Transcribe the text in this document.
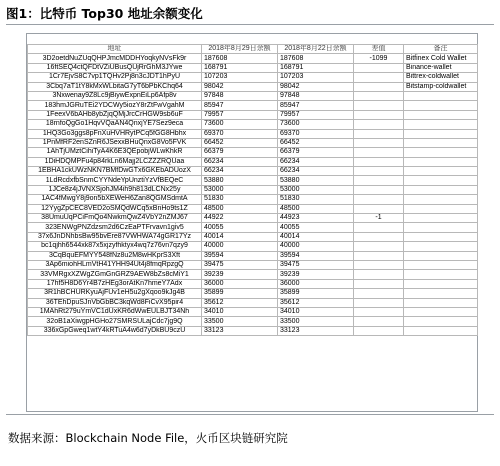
图1：比特币 Top30 地址余额变化
地址	2018年8月29日余额	2018年8月22日余额	差值	备注
3D2oetdNuZUqQHPJmcMDDHYoqkyNVsFk9r	187608	187608	-1099	Bitfinex Cold Wallet
16ftSEQ4ctQFDtVZiUBusQUjRrGhM3JYwe	168791	168791		Binance-wallet
1Cr7EjvS8C7vp1TQHv2Pj8n3cJDT1hPyU	107203	107203		Bittrex-coldwallet
3Cbq7aT1tY8kMxWLbitaG7yT6bPbKChq64	98042	98042		Bitstamp-coldwallet
3Nxwenay9Z8Lc9jBiywExpnEiLp6Afp8v	97848	97848		
183hmJGRuTEi2YDCWy5iozY8rZtFwVgahM	85947	85947		
1FeexV6bAHb8ybZjqQMjJrcCrHGW9sb6uF	79957	79957		
18rnfoQgGo1HqvVQaAN4QnxjYE7Sez9eca	73600	73600		
1HQ3Go3ggs8pFnXuHVHRytPCq5fGG8Hbhx	69370	69370		
1PnMfRF2enSZnR6JSexxBHuQnxG8Vo5FVK	66452	66452		
1AhTjUMztCihiTyA4K6E3QEpobjWLwKhkR	66379	66379		
1DiHDQMPFu4p84rkLn6Majj2LCZZZRQUaa	66234	66234		
1EBHA1ckUWzNKN7BMfDwGTx6GKEbADUozX	66234	66234		
1LdRcdxfbSnmCYYNdeYpUnztiYzVfBEQeC	53880	53880		
1JCe8z4jJVNXSjohJM4ih9h813dLCNx25y	53000	53000		
1AC4fMwgY8j9on5bXEWeH6Zan8QGMSdmtA	51830	51830		
12YygZpCEC8VED2oSMQdWCq5xBnHo9ts1Z	48500	48500		
38UmuUqPCiFmQo4NwkmQwZ4VbY2nZMJ67	44922	44923	-1	
323ENWgPNZdzsm2d6CzEaPTFrvavn1giv5	40055	40055		
37x6JnDNhbsBw95bvEre87VWHWA74gGR17Yz	40014	40014		
bc1qjhh6544xk87x5xjzyfhktyx4wq7z76vn7qzy9	40000	40000		
3CqBquEFMYY548fNz8u2M8wHKprS3Xft	39594	39594		
3Ap6miohHLmVtH41YHH94Ut4j8fmqRpzgQ	39475	39475		
33VMRgxXZWgZGmGnGRZ9AEW8bZs8cMiY1	39239	39239		
17hf5H8D6Yr4B7zHEg3orAtKn7hmeY7Adx	36000	36000		
3R1hBCHURKyuAjFUv1eH5u2gXqoo9kJg4B	35899	35899		
36TEhDpuSJnVbGbBC3kqWd8FiCvX95pir4	35612	35612		
1MAhRt279uYmVC1dUxKR6dWwEULBJT34Nh	34010	34010		
32oB1aXiwgpHGHo27SMRSULajCdc7jg9Q	33500	33500		
336xGpGweq1wtY4kRTuA4w6d7yDkBU9czU	33123	33123		
数据来源：Blockchain Node File，火币区块链研究院
